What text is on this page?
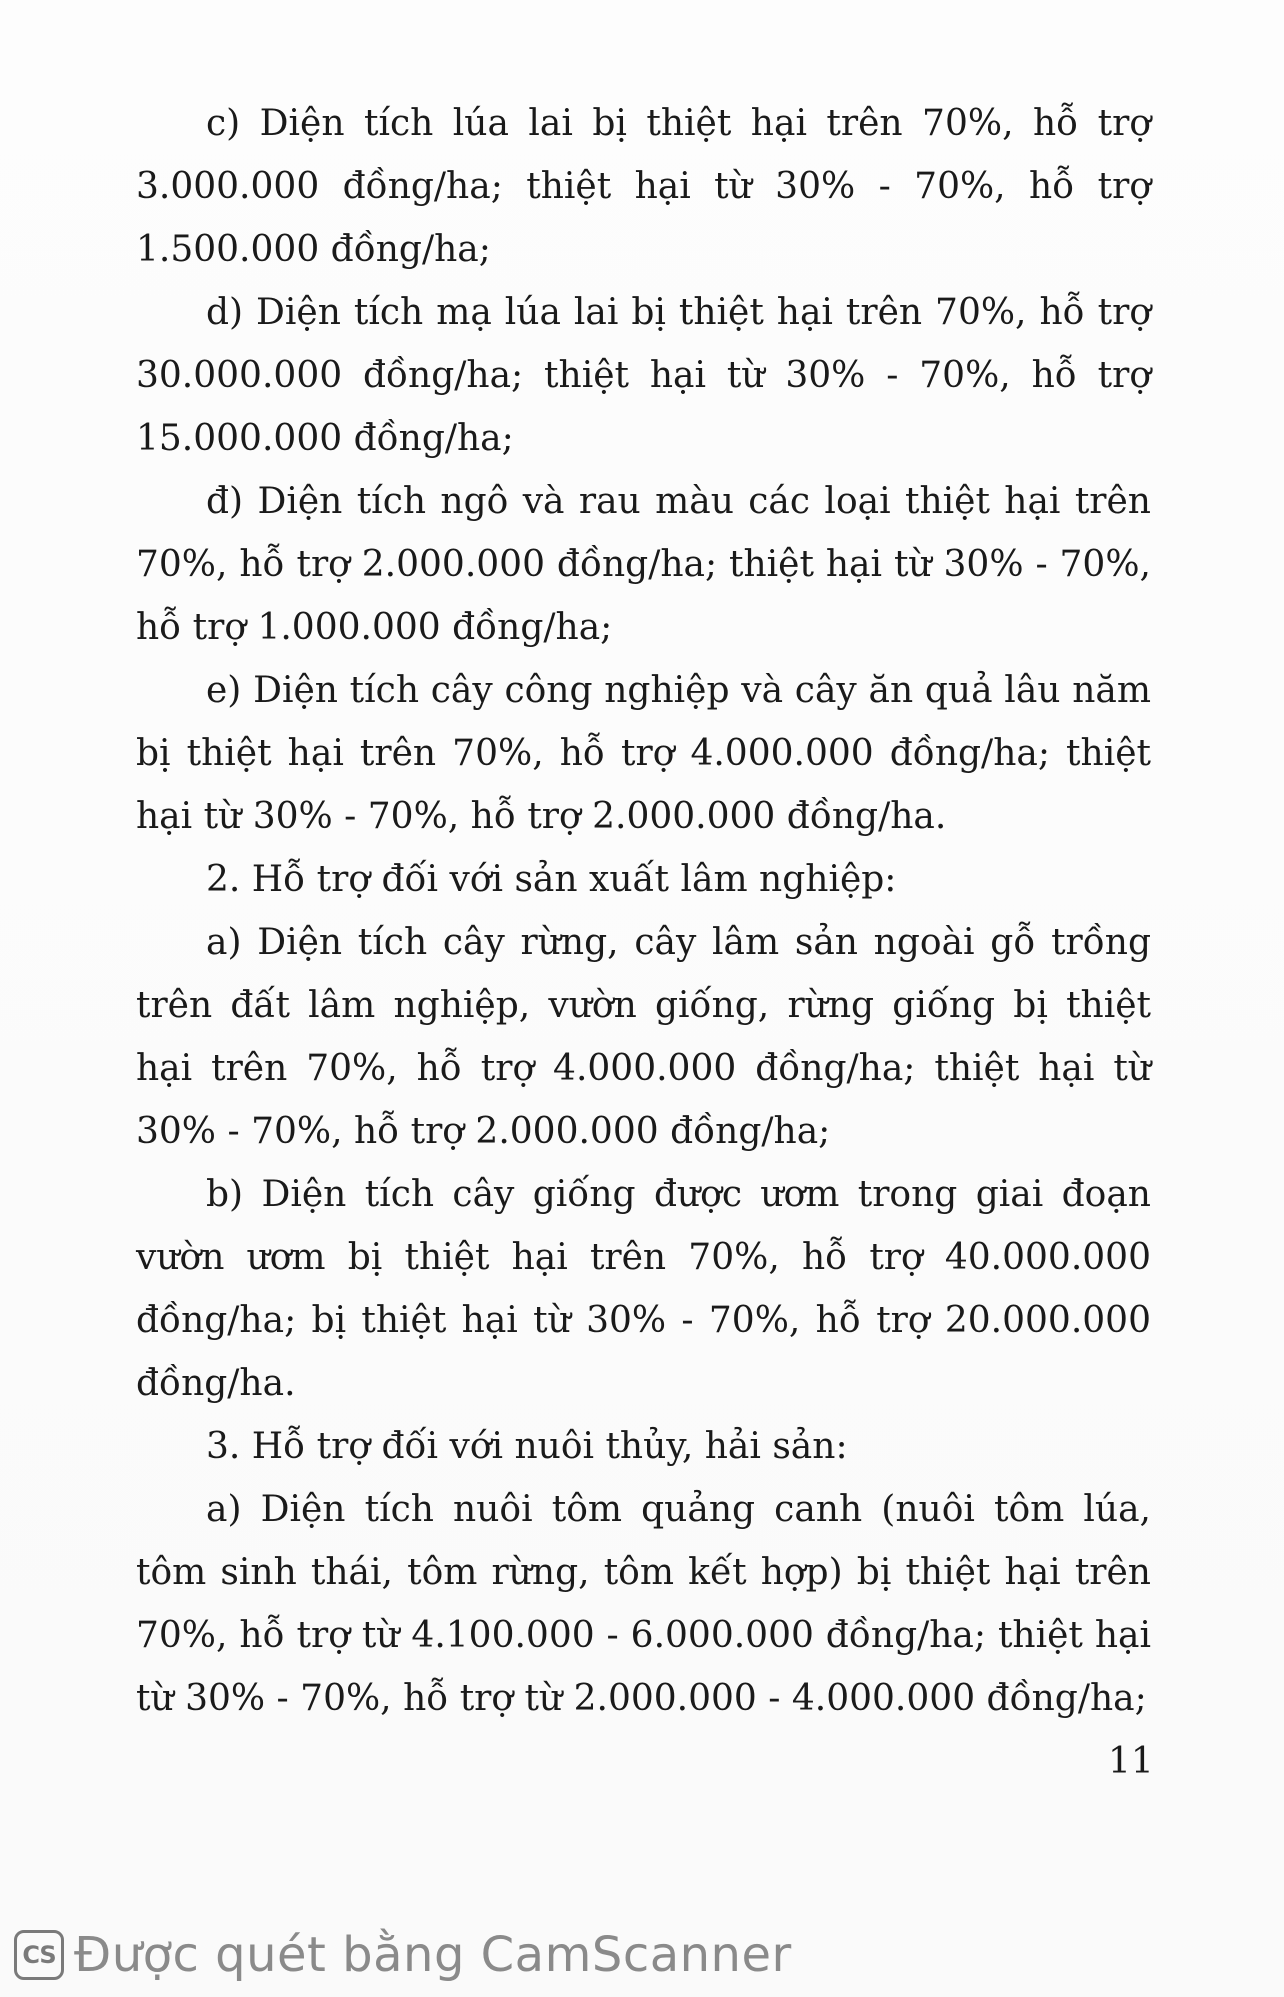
c) Diện tích lúa lai bị thiệt hại trên 70%, hỗ trợ 3.000.000 đồng/ha; thiệt hại từ 30% - 70%, hỗ trợ 1.500.000 đồng/ha;

d) Diện tích mạ lúa lai bị thiệt hại trên 70%, hỗ trợ 30.000.000 đồng/ha; thiệt hại từ 30% - 70%, hỗ trợ 15.000.000 đồng/ha;

đ) Diện tích ngô và rau màu các loại thiệt hại trên 70%, hỗ trợ 2.000.000 đồng/ha; thiệt hại từ 30% - 70%, hỗ trợ 1.000.000 đồng/ha;

e) Diện tích cây công nghiệp và cây ăn quả lâu năm bị thiệt hại trên 70%, hỗ trợ 4.000.000 đồng/ha; thiệt hại từ 30% - 70%, hỗ trợ 2.000.000 đồng/ha.

2. Hỗ trợ đối với sản xuất lâm nghiệp:

a) Diện tích cây rừng, cây lâm sản ngoài gỗ trồng trên đất lâm nghiệp, vườn giống, rừng giống bị thiệt hại trên 70%, hỗ trợ 4.000.000 đồng/ha; thiệt hại từ 30% - 70%, hỗ trợ 2.000.000 đồng/ha;

b) Diện tích cây giống được ươm trong giai đoạn vườn ươm bị thiệt hại trên 70%, hỗ trợ 40.000.000 đồng/ha; bị thiệt hại từ 30% - 70%, hỗ trợ 20.000.000 đồng/ha.

3. Hỗ trợ đối với nuôi thủy, hải sản:

a) Diện tích nuôi tôm quảng canh (nuôi tôm lúa, tôm sinh thái, tôm rừng, tôm kết hợp) bị thiệt hại trên 70%, hỗ trợ từ 4.100.000 - 6.000.000 đồng/ha; thiệt hại từ 30% - 70%, hỗ trợ từ 2.000.000 - 4.000.000 đồng/ha;

11
CS Được quét bằng CamScanner
